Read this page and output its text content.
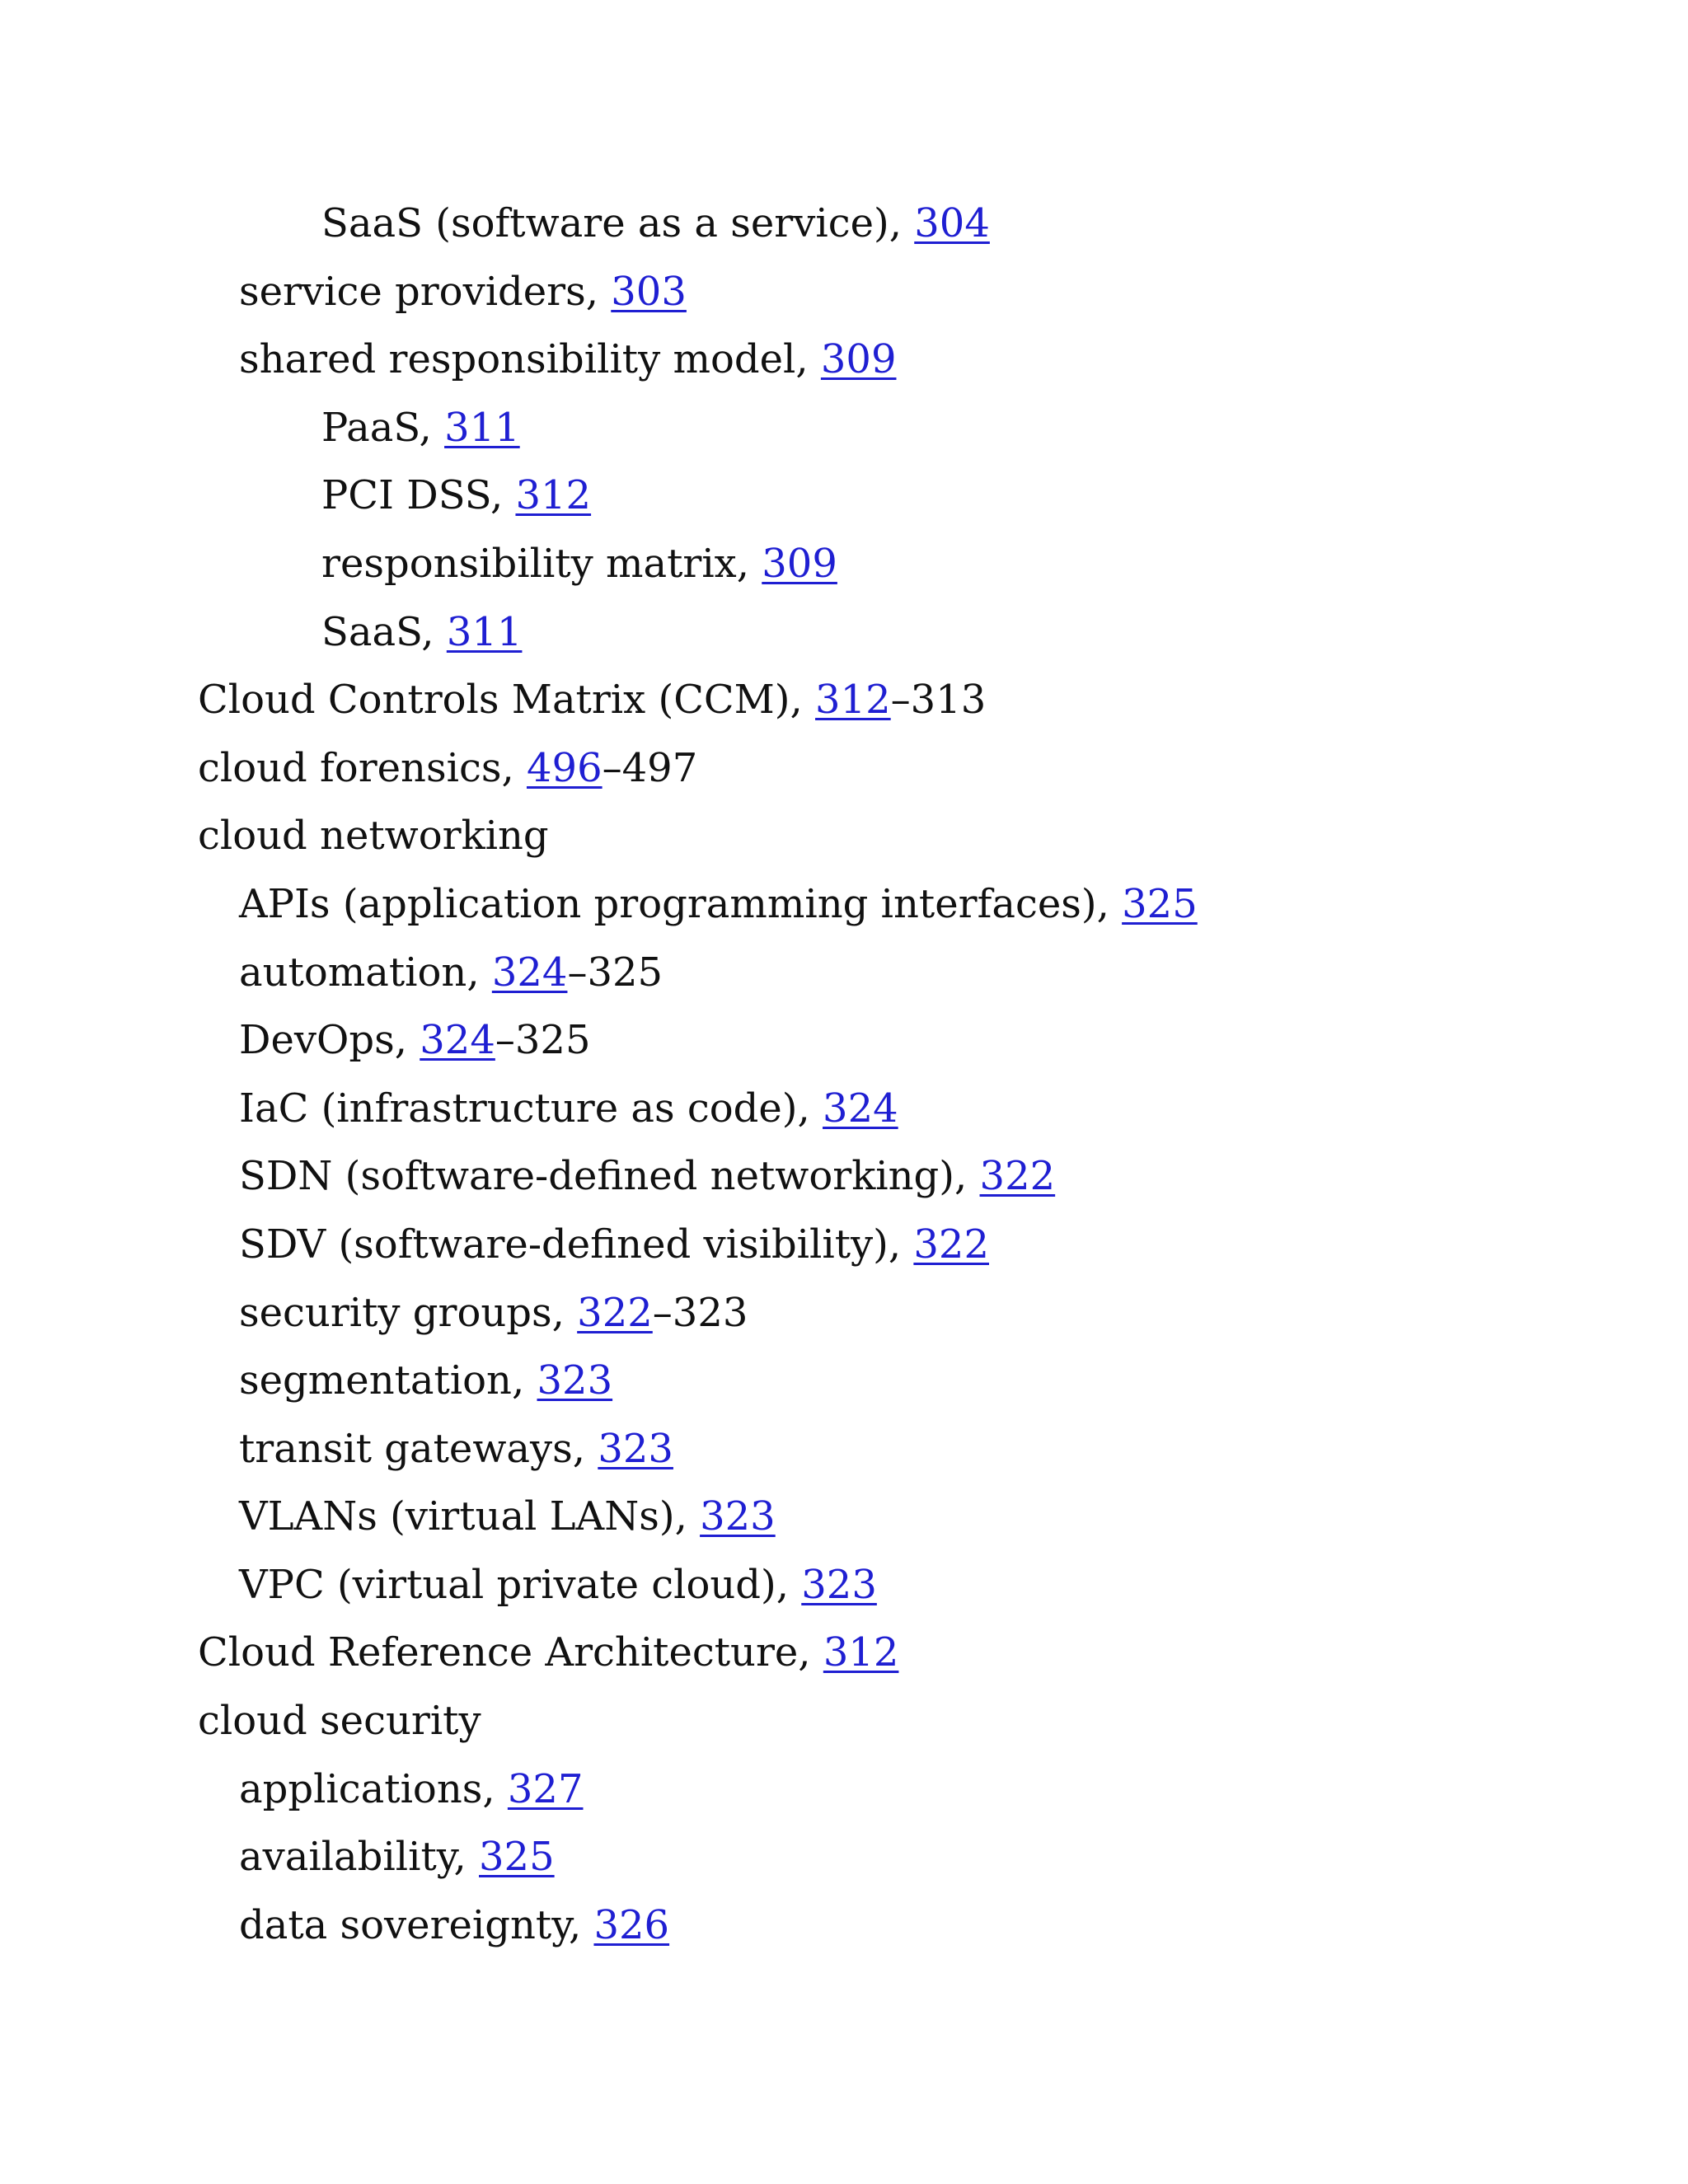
SaaS (software as a service), 304
service providers, 303
shared responsibility model, 309
PaaS, 311
PCI DSS, 312
responsibility matrix, 309
SaaS, 311
Cloud Controls Matrix (CCM), 312–313
cloud forensics, 496–497
cloud networking
APIs (application programming interfaces), 325
automation, 324–325
DevOps, 324–325
IaC (infrastructure as code), 324
SDN (software-defined networking), 322
SDV (software-defined visibility), 322
security groups, 322–323
segmentation, 323
transit gateways, 323
VLANs (virtual LANs), 323
VPC (virtual private cloud), 323
Cloud Reference Architecture, 312
cloud security
applications, 327
availability, 325
data sovereignty, 326
